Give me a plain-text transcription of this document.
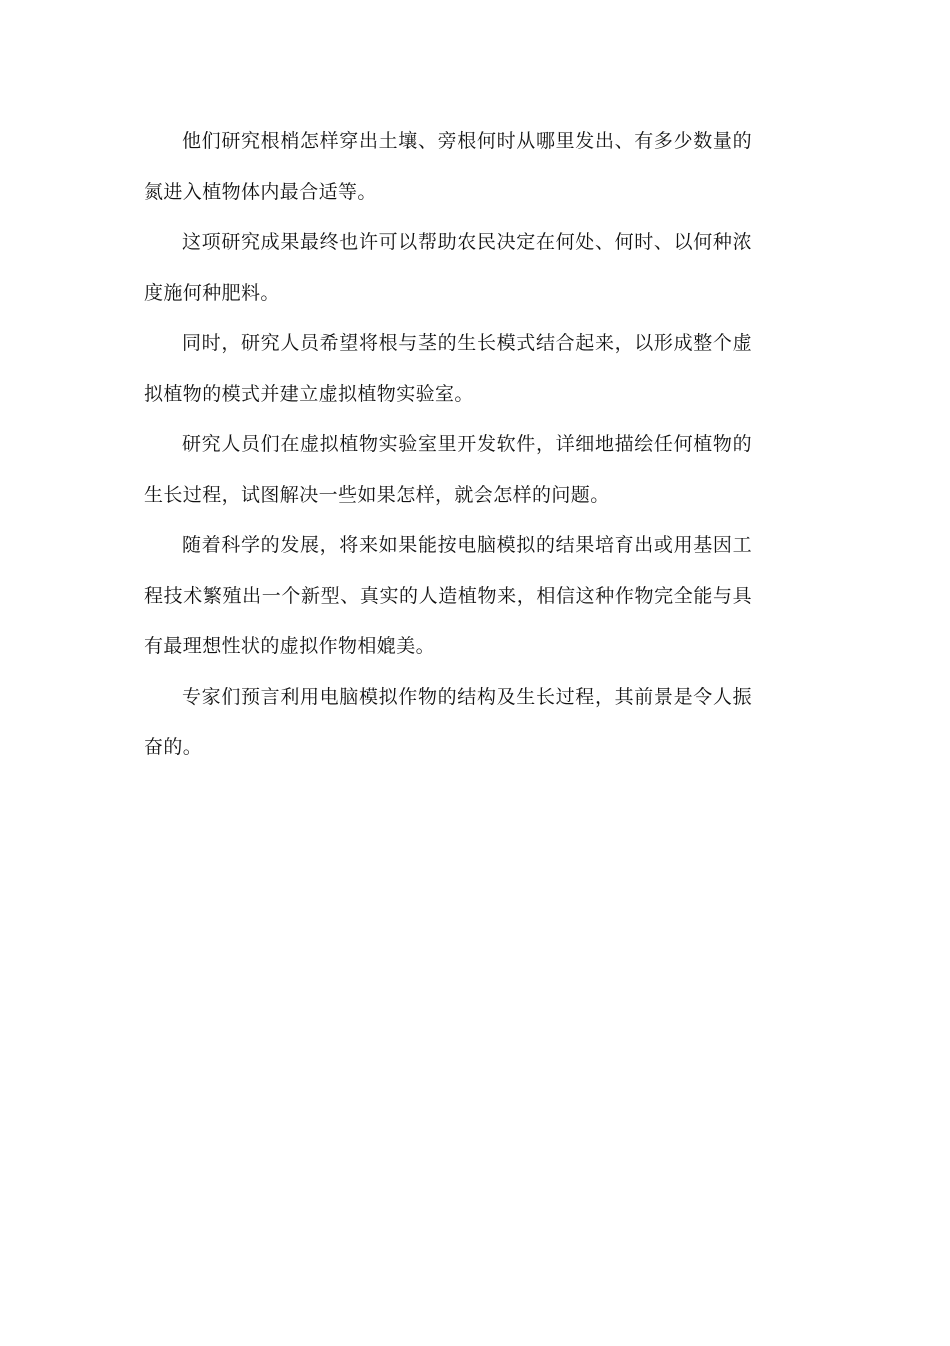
他们研究根梢怎样穿出土壤、旁根何时从哪里发出、有多少数量的氮进入植物体内最合适等。

这项研究成果最终也许可以帮助农民决定在何处、何时、以何种浓度施何种肥料。

同时，研究人员希望将根与茎的生长模式结合起来，以形成整个虚拟植物的模式并建立虚拟植物实验室。

研究人员们在虚拟植物实验室里开发软件，详细地描绘任何植物的生长过程，试图解决一些如果怎样，就会怎样的问题。

随着科学的发展，将来如果能按电脑模拟的结果培育出或用基因工程技术繁殖出一个新型、真实的人造植物来，相信这种作物完全能与具有最理想性状的虚拟作物相媲美。

专家们预言利用电脑模拟作物的结构及生长过程，其前景是令人振奋的。
